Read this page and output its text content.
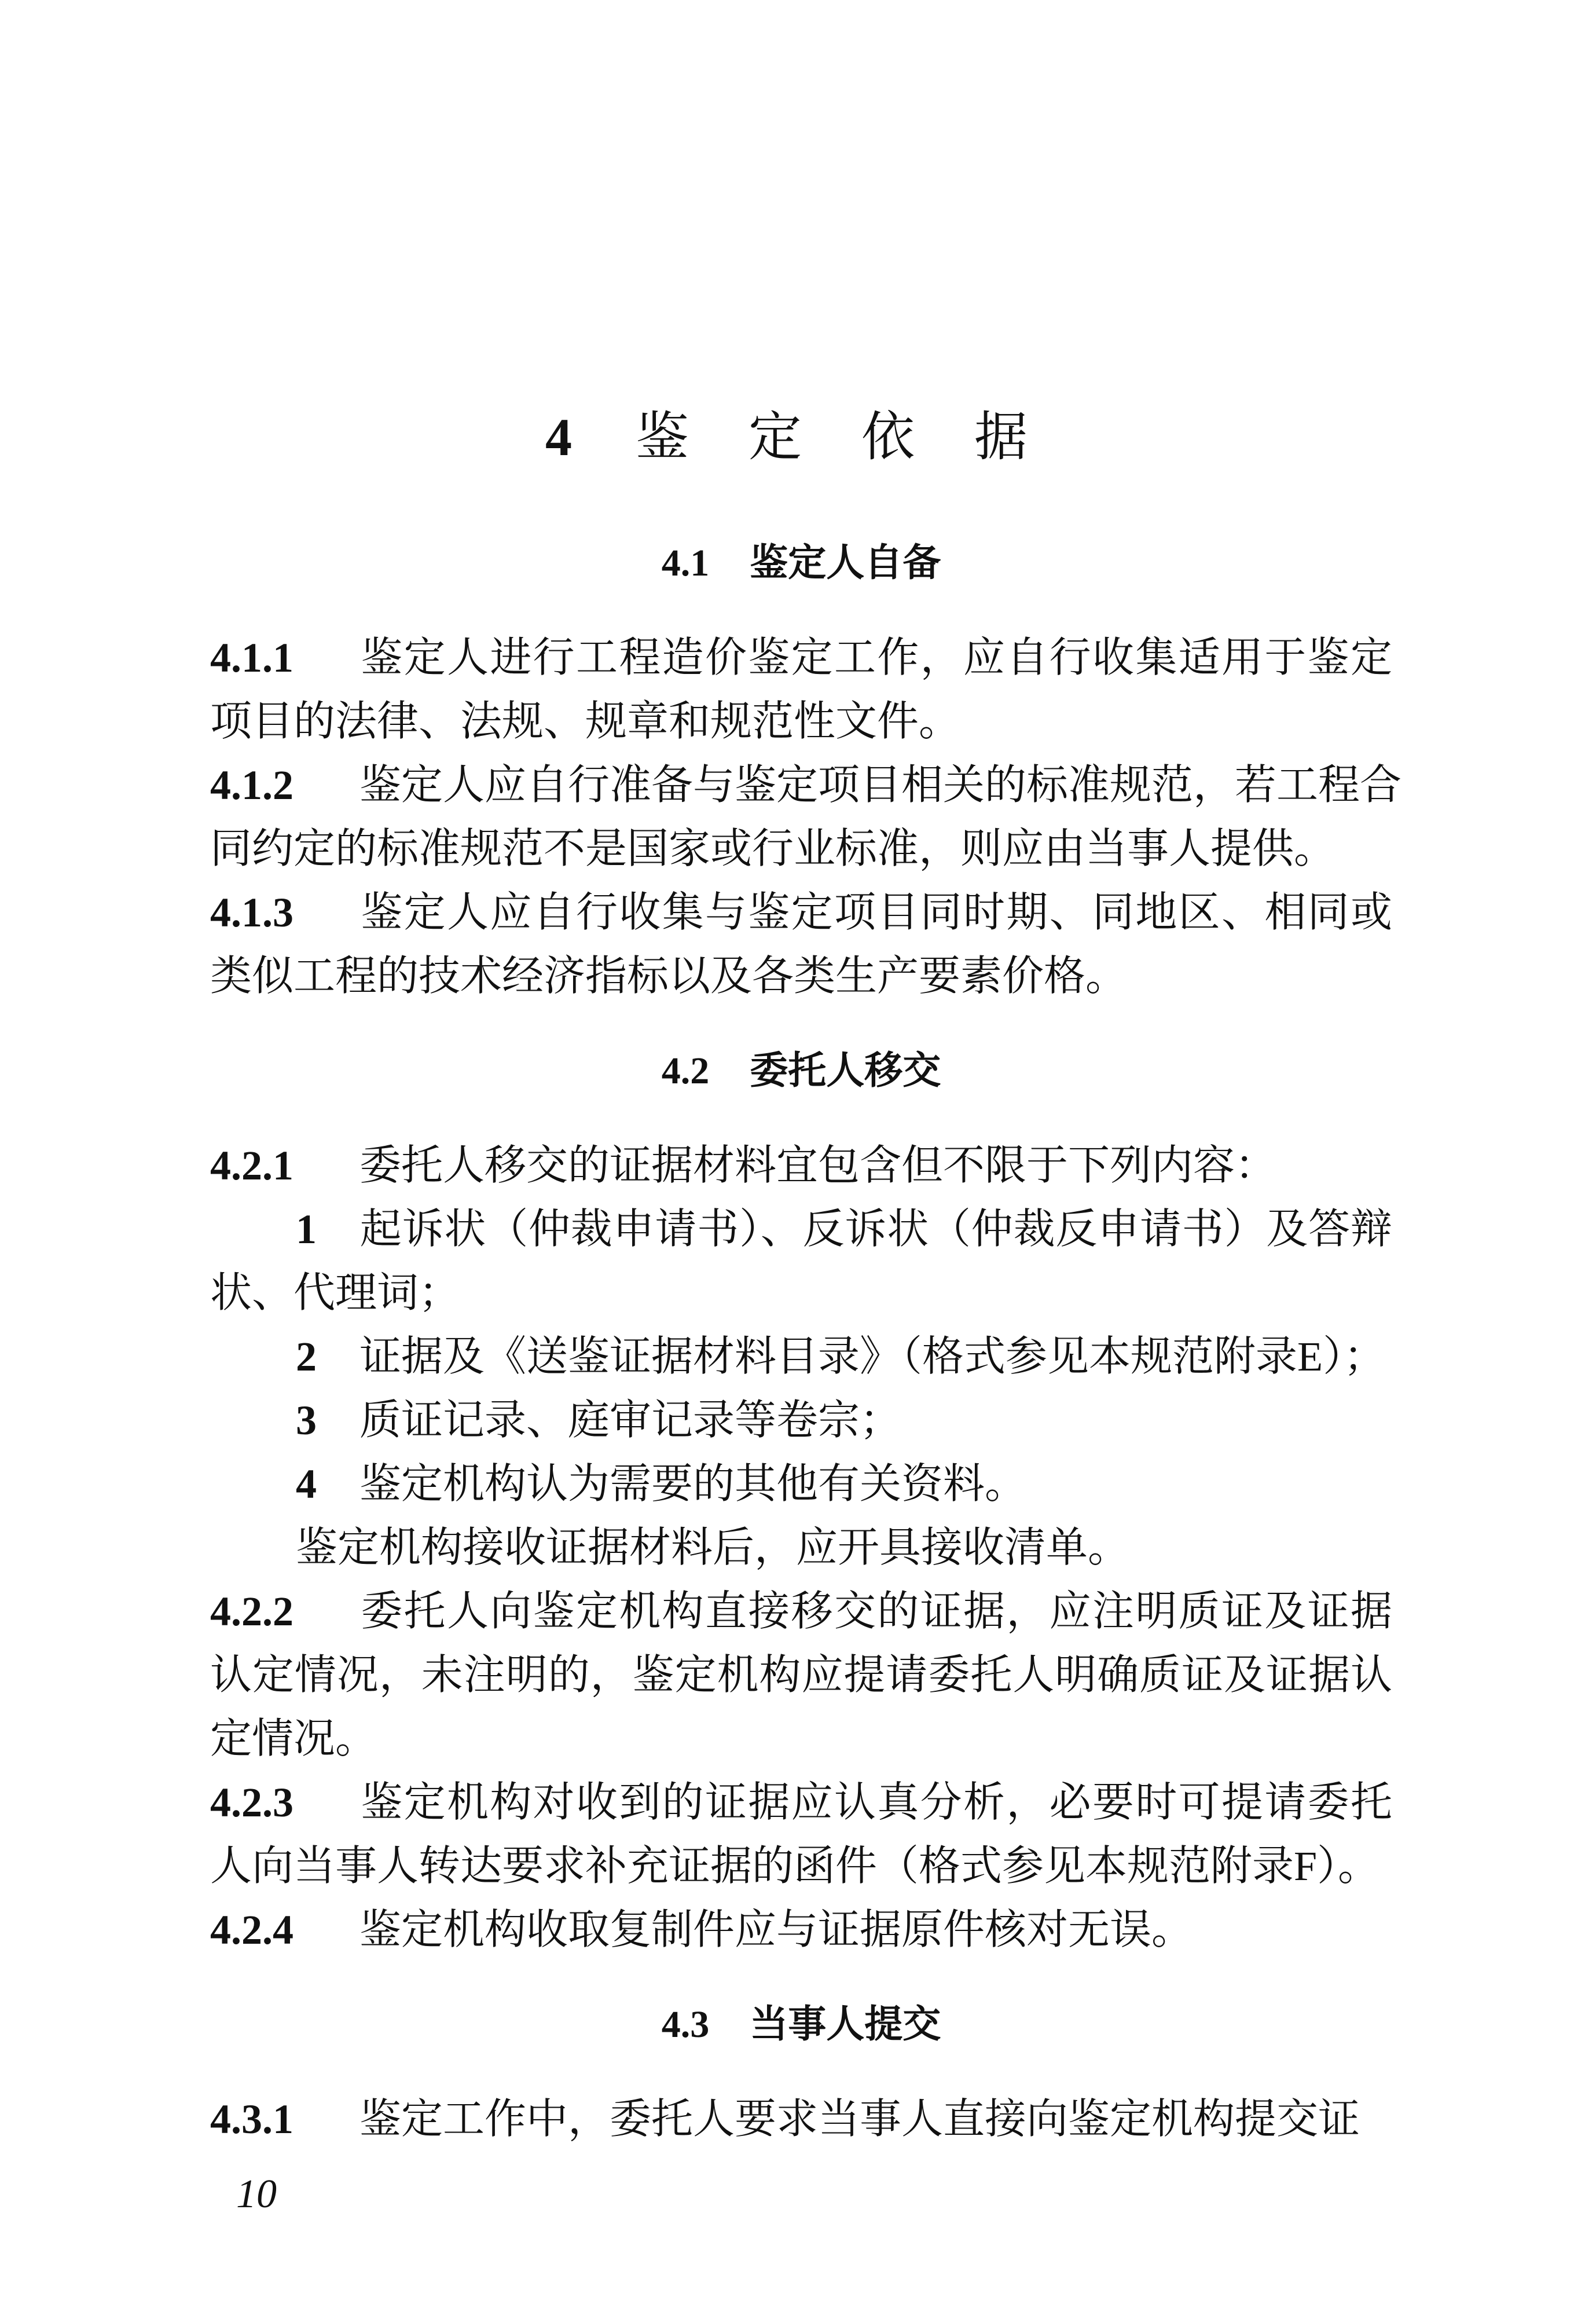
4 鉴 定 依 据
4.1 鉴定人自备
4.1.1 鉴定人进行工程造价鉴定工作，应自行收集适用于鉴定
项目的法律、法规、规章和规范性文件。
4.1.2 鉴定人应自行准备与鉴定项目相关的标准规范，若工程合
同约定的标准规范不是国家或行业标准，则应由当事人提供。
4.1.3 鉴定人应自行收集与鉴定项目同时期、同地区、相同或
类似工程的技术经济指标以及各类生产要素价格。
4.2 委托人移交
4.2.1 委托人移交的证据材料宜包含但不限于下列内容：
1 起诉状（仲裁申请书）、反诉状（仲裁反申请书）及答辩
状、代理词；
2 证据及《送鉴证据材料目录》（格式参见本规范附录E）；
3 质证记录、庭审记录等卷宗；
4 鉴定机构认为需要的其他有关资料。
鉴定机构接收证据材料后，应开具接收清单。
4.2.2 委托人向鉴定机构直接移交的证据，应注明质证及证据
认定情况，未注明的，鉴定机构应提请委托人明确质证及证据认
定情况。
4.2.3 鉴定机构对收到的证据应认真分析，必要时可提请委托
人向当事人转达要求补充证据的函件（格式参见本规范附录F）。
4.2.4 鉴定机构收取复制件应与证据原件核对无误。
4.3 当事人提交
4.3.1 鉴定工作中，委托人要求当事人直接向鉴定机构提交证
10
